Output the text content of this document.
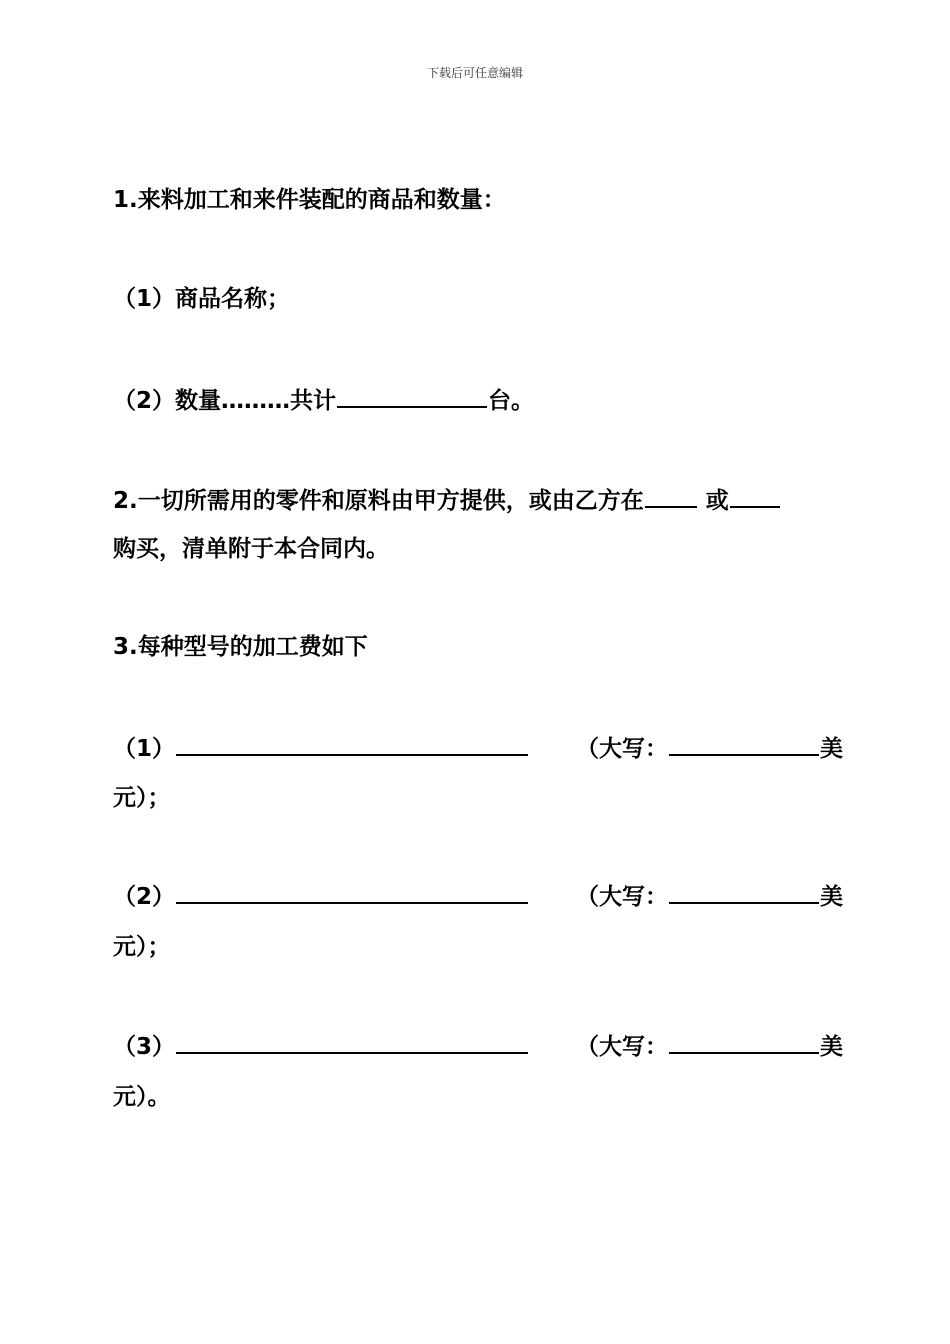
下载后可任意编辑
1.来料加工和来件装配的商品和数量：
（1）商品名称；
（2）数量………共计	台。
2.一切所需用的零件和原料由甲方提供，或由乙方在 或
购买，清单附于本合同内。
3.每种型号的加工费如下
（1）	（大写：	美
元）；
（2）	（大写：	美
元）；
（3）	（大写：	美
元）。
